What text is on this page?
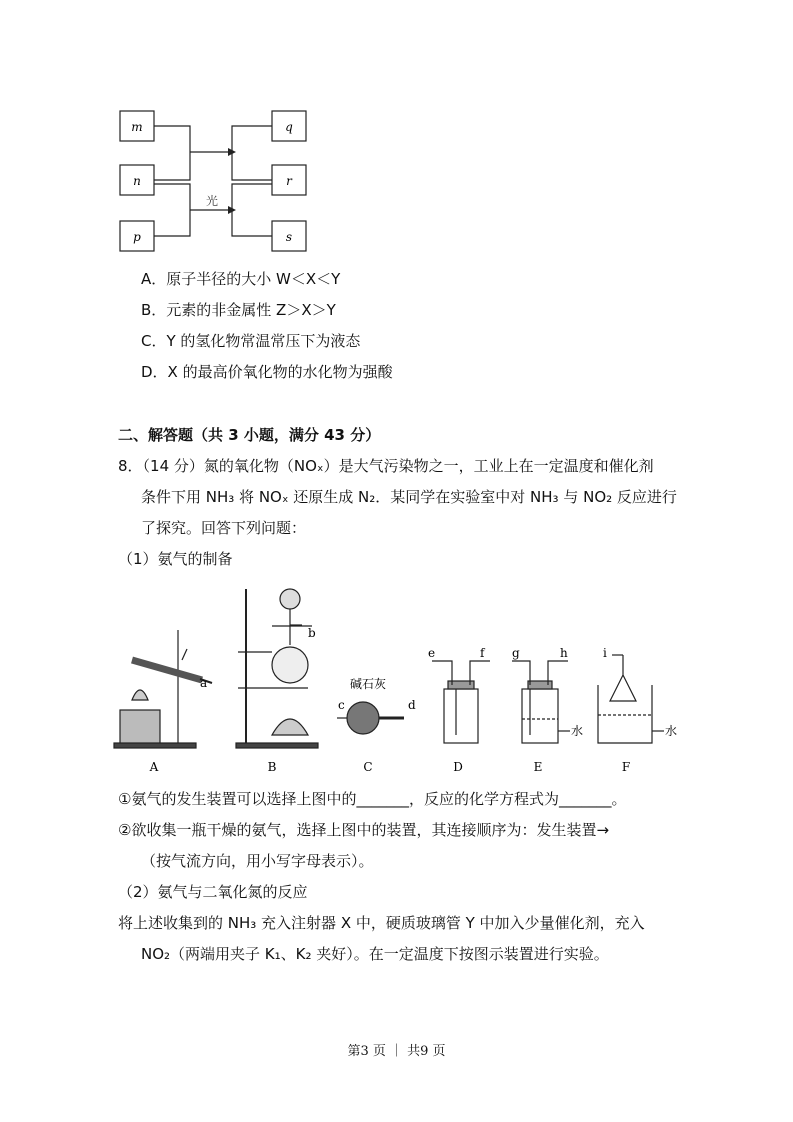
m
n
p
q
r
s
光
A．原子半径的大小 W＜X＜Y
B．元素的非金属性 Z＞X＞Y
C．Y 的氢化物常温常压下为液态
D．X 的最高价氧化物的水化物为强酸
二、解答题（共 3 小题，满分 43 分）
8．（14 分）氮的氧化物（NOₓ）是大气污染物之一，工业上在一定温度和催化剂
条件下用 NH₃ 将 NOₓ 还原生成 N₂．某同学在实验室中对 NH₃ 与 NO₂ 反应进行
了探究。回答下列问题：
（1）氨气的制备
a
b
碱石灰
c	d
e	f g	h	i
水	水
A	B	C	D	E	F
①氨气的发生装置可以选择上图中的_______，反应的化学方程式为_______。
②欲收集一瓶干燥的氨气，选择上图中的装置，其连接顺序为：发生装置→
（按气流方向，用小写字母表示）。
（2）氨气与二氧化氮的反应
将上述收集到的 NH₃ 充入注射器 X 中，硬质玻璃管 Y 中加入少量催化剂，充入
NO₂（两端用夹子 K₁、K₂ 夹好）。在一定温度下按图示装置进行实验。
第3 页 ｜ 共9 页
